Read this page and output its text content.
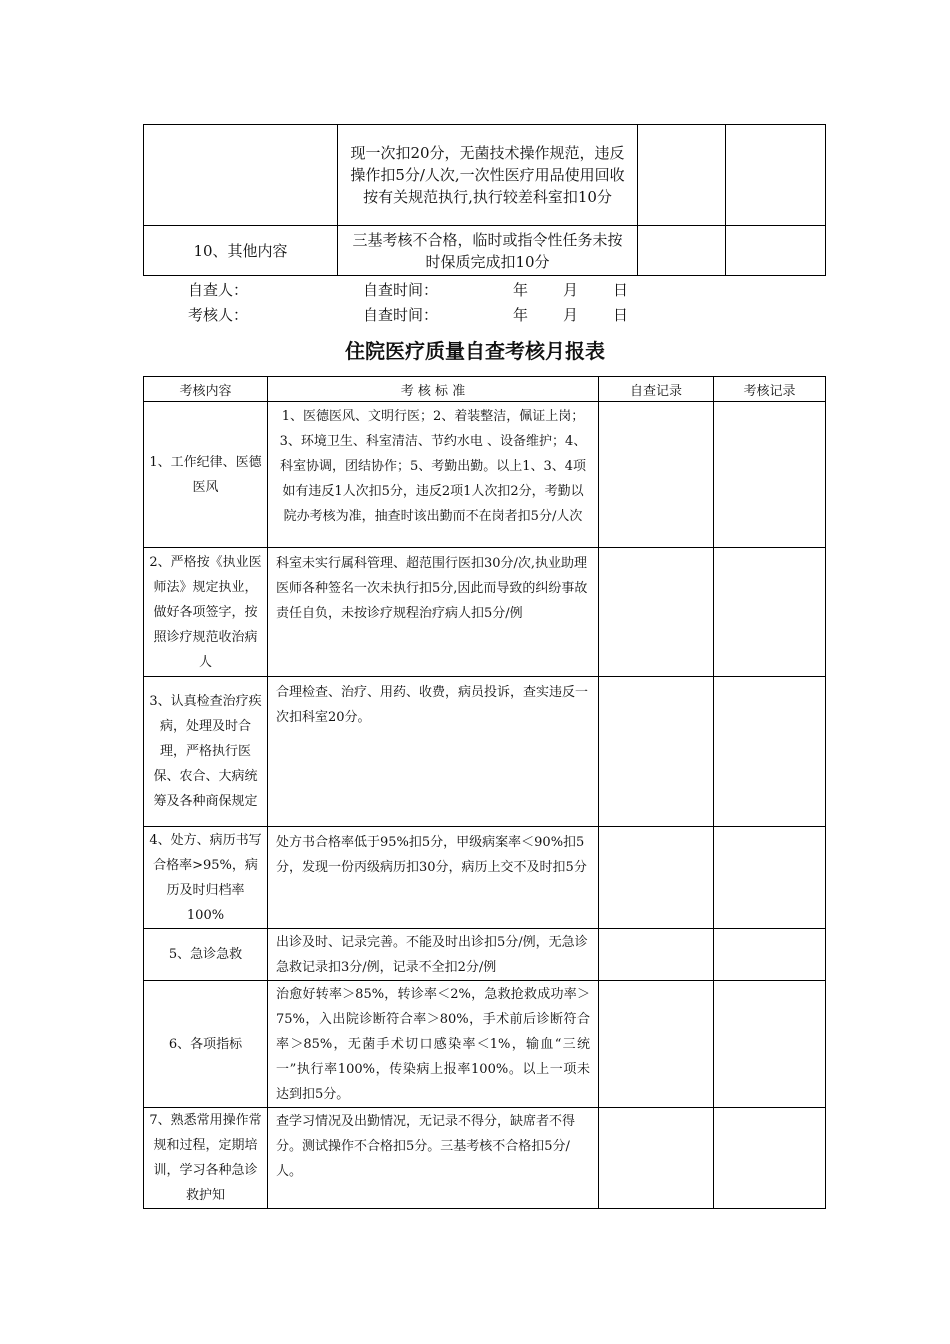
	现一次扣20分，无菌技术操作规范，违反操作扣5分/人次,一次性医疗用品使用回收按有关规范执行,执行较差科室扣10分		
10、其他内容	三基考核不合格，临时或指令性任务未按时保质完成扣10分		
自查人：	自查时间：	年 月 日
考核人：	自查时间：	年 月 日
住院医疗质量自查考核月报表
考核内容	考 核 标 准	自查记录	考核记录
1、工作纪律、医德医风	1、医德医风、文明行医；2、着装整洁，佩证上岗；3、环境卫生、科室清洁、节约水电 、设备维护；4、科室协调，团结协作；5、考勤出勤。以上1、3、4项如有违反1人次扣5分，违反2项1人次扣2分，考勤以院办考核为准，抽查时该出勤而不在岗者扣5分/人次		
2、严格按《执业医师法》规定执业，做好各项签字，按照诊疗规范收治病人	科室未实行属科管理、超范围行医扣30分/次,执业助理医师各种签名一次未执行扣5分,因此而导致的纠纷事故责任自负，未按诊疗规程治疗病人扣5分/例		
3、认真检查治疗疾病，处理及时合理，严格执行医保、农合、大病统筹及各种商保规定	合理检查、治疗、用药、收费，病员投诉，查实违反一次扣科室20分。		
4、处方、病历书写合格率>95%，病历及时归档率100%	处方书合格率低于95%扣5分，甲级病案率＜90%扣5分，发现一份丙级病历扣30分，病历上交不及时扣5分		
5、急诊急救	出诊及时、记录完善。不能及时出诊扣5分/例，无急诊急救记录扣3分/例，记录不全扣2分/例		
6、各项指标	治愈好转率＞85%，转诊率＜2%，急救抢救成功率＞75%，入出院诊断符合率＞80%，手术前后诊断符合率＞85%，无菌手术切口感染率＜1%，输血“三统一”执行率100%，传染病上报率100%。以上一项未达到扣5分。		
7、熟悉常用操作常规和过程，定期培训，学习各种急诊救护知	查学习情况及出勤情况，无记录不得分，缺席者不得分。测试操作不合格扣5分。三基考核不合格扣5分/人。		
